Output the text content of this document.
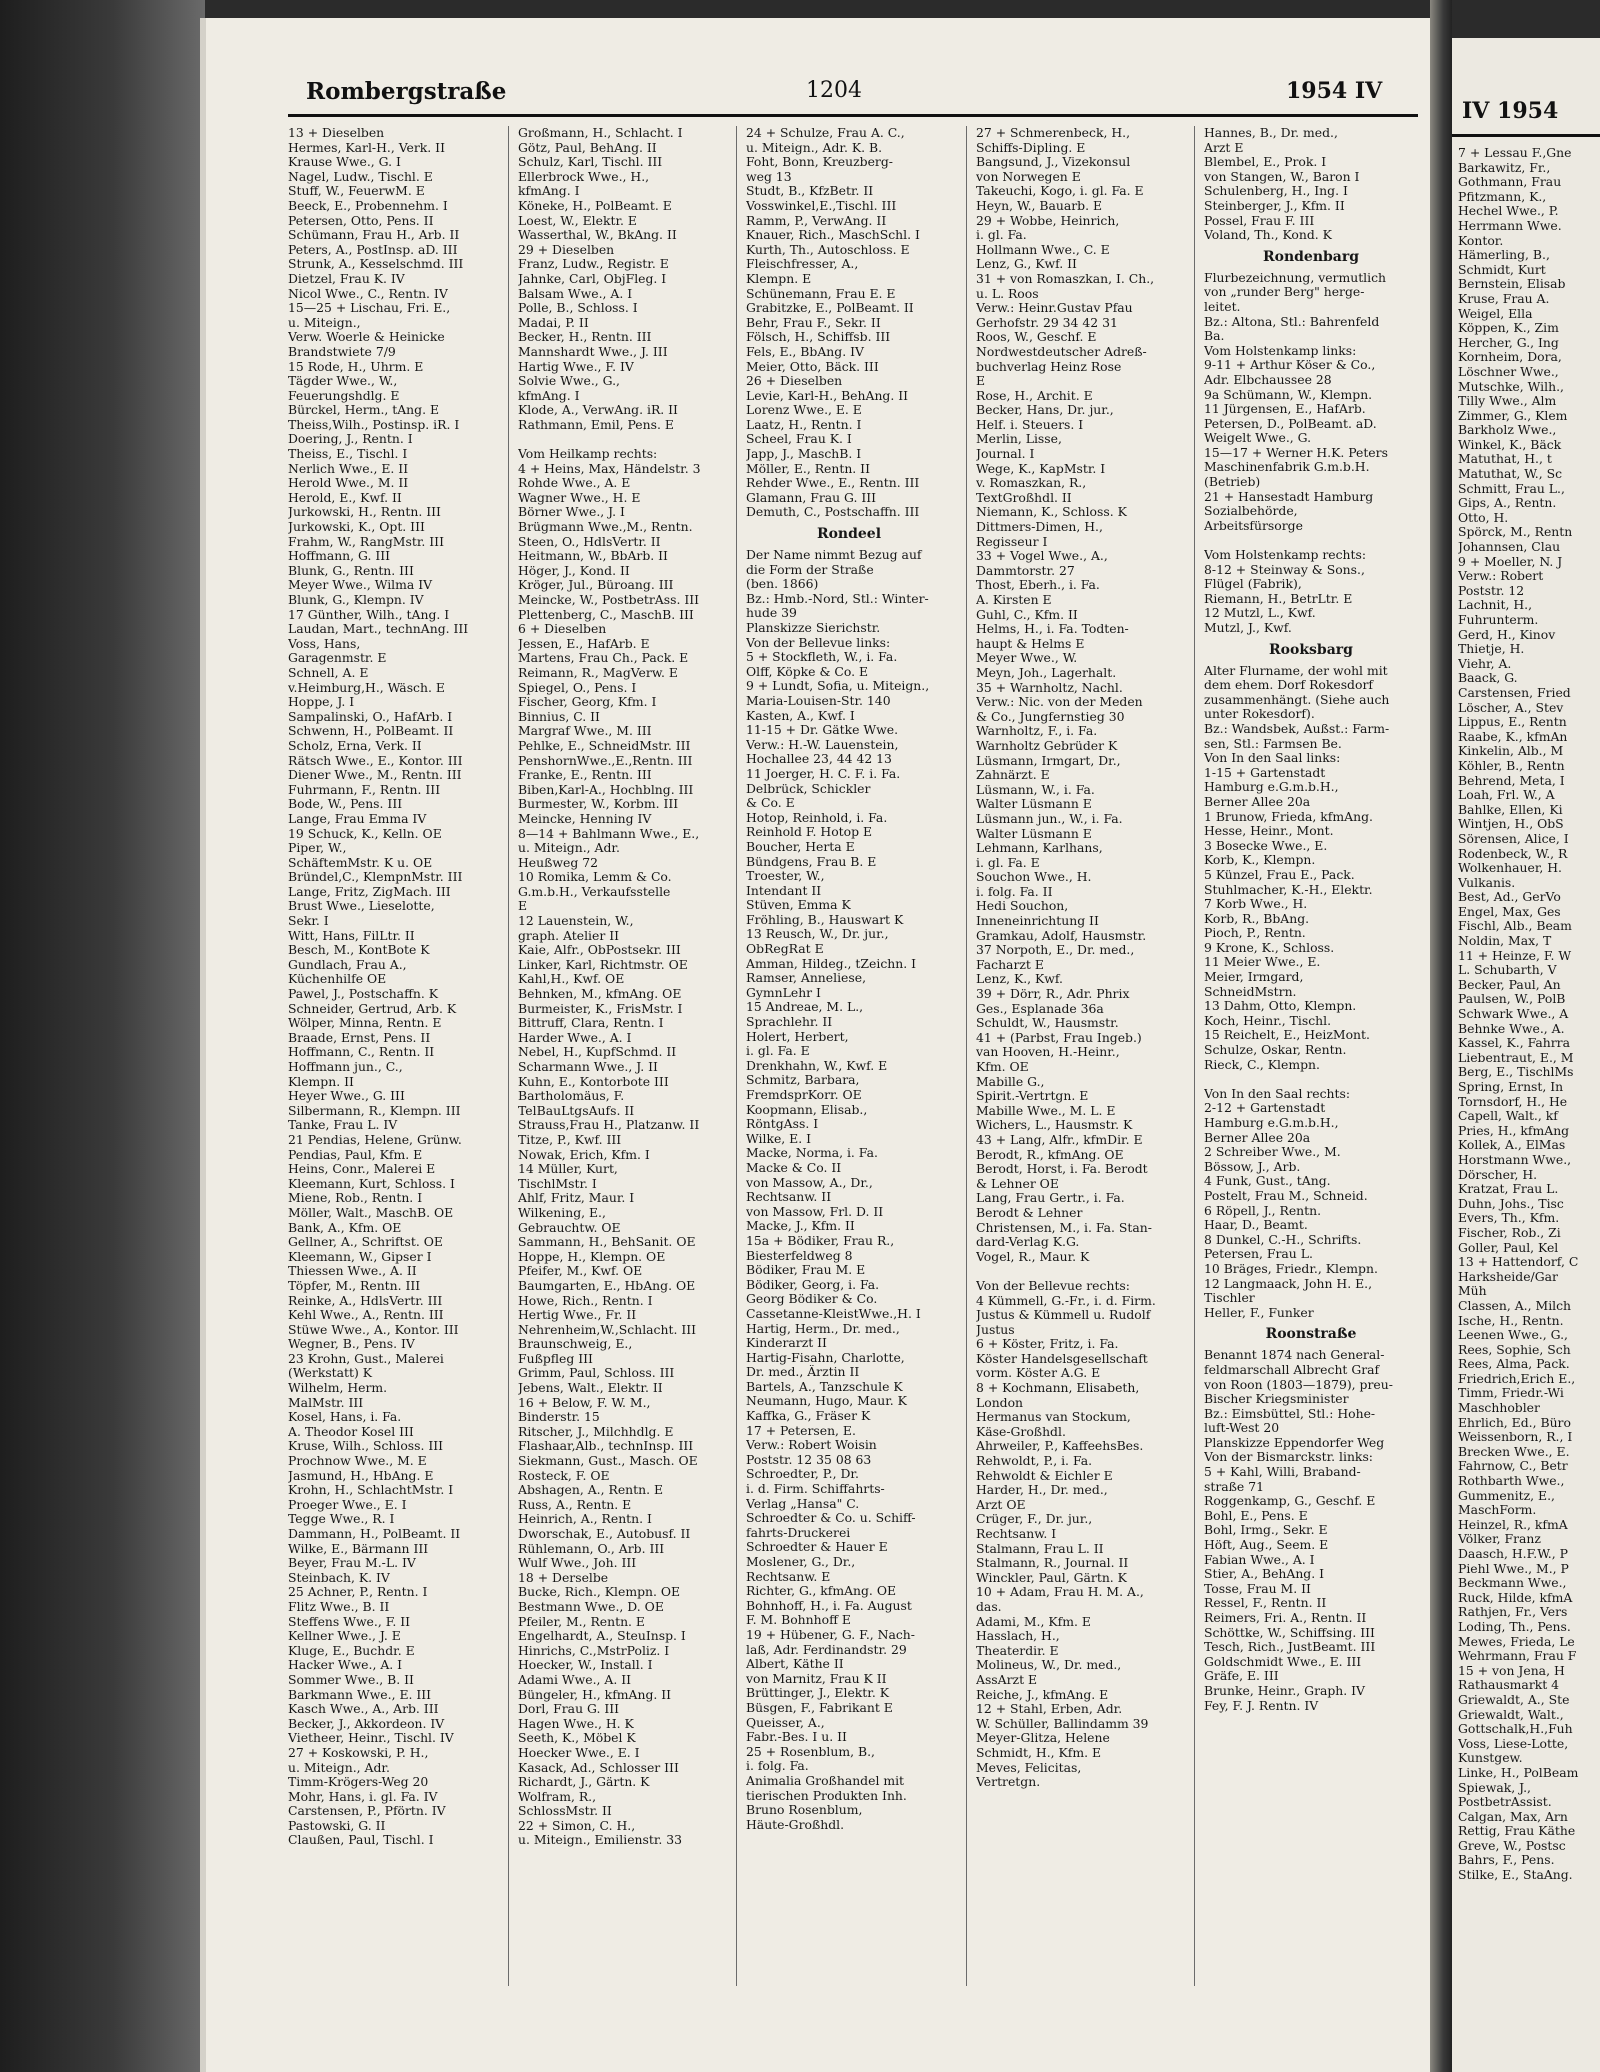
Rombergstraße	1204	1954 IV
13 + Dieselben
Hermes, Karl-H., Verk. II
Krause Wwe., G. I
Nagel, Ludw., Tischl. E
Stuff, W., FeuerwM. E
Beeck, E., Probennehm. I
Petersen, Otto, Pens. II
Schümann, Frau H., Arb. II
Peters, A., PostInsp. aD. III
Strunk, A., Kesselschmd. III
Dietzel, Frau K. IV
Nicol Wwe., C., Rentn. IV
15—25 + Lischau, Fri. E.,
u. Miteign.,
Verw. Woerle & Heinicke
Brandstwiete 7/9
15 Rode, H., Uhrm. E
Tägder Wwe., W.,
Feuerungshdlg. E
Bürckel, Herm., tAng. E
Theiss,Wilh., Postinsp. iR. I
Doering, J., Rentn. I
Theiss, E., Tischl. I
Nerlich Wwe., E. II
Herold Wwe., M. II
Herold, E., Kwf. II
Jurkowski, H., Rentn. III
Jurkowski, K., Opt. III
Frahm, W., RangMstr. III
Hoffmann, G. III
Blunk, G., Rentn. III
Meyer Wwe., Wilma IV
Blunk, G., Klempn. IV
17 Günther, Wilh., tAng. I
Laudan, Mart., technAng. III
Voss, Hans,
Garagenmstr. E
Schnell, A. E
v.Heimburg,H., Wäsch. E
Hoppe, J. I
Sampalinski, O., HafArb. I
Schwenn, H., PolBeamt. II
Scholz, Erna, Verk. II
Rätsch Wwe., E., Kontor. III
Diener Wwe., M., Rentn. III
Fuhrmann, F., Rentn. III
Bode, W., Pens. III
Lange, Frau Emma IV
19 Schuck, K., Kelln. OE
Piper, W.,
SchäftemMstr. K u. OE
Bründel,C., KlempnMstr. III
Lange, Fritz, ZigMach. III
Brust Wwe., Lieselotte,
Sekr. I
Witt, Hans, FilLtr. II
Besch, M., KontBote K
Gundlach, Frau A.,
Küchenhilfe OE
Pawel, J., Postschaffn. K
Schneider, Gertrud, Arb. K
Wölper, Minna, Rentn. E
Braade, Ernst, Pens. II
Hoffmann, C., Rentn. II
Hoffmann jun., C.,
Klempn. II
Heyer Wwe., G. III
Silbermann, R., Klempn. III
Tanke, Frau L. IV
21 Pendias, Helene, Grünw.
Pendias, Paul, Kfm. E
Heins, Conr., Malerei E
Kleemann, Kurt, Schloss. I
Miene, Rob., Rentn. I
Möller, Walt., MaschB. OE
Bank, A., Kfm. OE
Gellner, A., Schriftst. OE
Kleemann, W., Gipser I
Thiessen Wwe., A. II
Töpfer, M., Rentn. III
Reinke, A., HdlsVertr. III
Kehl Wwe., A., Rentn. III
Stüwe Wwe., A., Kontor. III
Wegner, B., Pens. IV
23 Krohn, Gust., Malerei
(Werkstatt) K
Wilhelm, Herm.
MalMstr. III
Kosel, Hans, i. Fa.
A. Theodor Kosel III
Kruse, Wilh., Schloss. III
Prochnow Wwe., M. E
Jasmund, H., HbAng. E
Krohn, H., SchlachtMstr. I
Proeger Wwe., E. I
Tegge Wwe., R. I
Dammann, H., PolBeamt. II
Wilke, E., Bärmann III
Beyer, Frau M.-L. IV
Steinbach, K. IV
25 Achner, P., Rentn. I
Flitz Wwe., B. II
Steffens Wwe., F. II
Kellner Wwe., J. E
Kluge, E., Buchdr. E
Hacker Wwe., A. I
Sommer Wwe., B. II
Barkmann Wwe., E. III
Kasch Wwe., A., Arb. III
Becker, J., Akkordeon. IV
Vietheer, Heinr., Tischl. IV
27 + Koskowski, P. H.,
u. Miteign., Adr.
Timm-Krögers-Weg 20
Mohr, Hans, i. gl. Fa. IV
Carstensen, P., Pförtn. IV
Pastowski, G. II
Claußen, Paul, Tischl. I
Großmann, H., Schlacht. I
Götz, Paul, BehAng. II
Schulz, Karl, Tischl. III
Ellerbrock Wwe., H.,
kfmAng. I
Köneke, H., PolBeamt. E
Loest, W., Elektr. E
Wasserthal, W., BkAng. II
29 + Dieselben
Franz, Ludw., Registr. E
Jahnke, Carl, ObjFleg. I
Balsam Wwe., A. I
Polle, B., Schloss. I
Madai, P. II
Becker, H., Rentn. III
Mannshardt Wwe., J. III
Hartig Wwe., F. IV
Solvie Wwe., G.,
kfmAng. I
Klode, A., VerwAng. iR. II
Rathmann, Emil, Pens. E
Vom Heilkamp rechts:
4 + Heins, Max, Händelstr. 3
Rohde Wwe., A. E
Wagner Wwe., H. E
Börner Wwe., J. I
Brügmann Wwe.,M., Rentn.
Steen, O., HdlsVertr. II
Heitmann, W., BbArb. II
Höger, J., Kond. II
Kröger, Jul., Büroang. III
Meincke, W., PostbetrAss. III
Plettenberg, C., MaschB. III
6 + Dieselben
Jessen, E., HafArb. E
Martens, Frau Ch., Pack. E
Reimann, R., MagVerw. E
Spiegel, O., Pens. I
Fischer, Georg, Kfm. I
Binnius, C. II
Margraf Wwe., M. III
Pehlke, E., SchneidMstr. III
PenshornWwe.,E.,Rentn. III
Franke, E., Rentn. III
Biben,Karl-A., Hochblng. III
Burmester, W., Korbm. III
Meincke, Henning IV
8—14 + Bahlmann Wwe., E.,
u. Miteign., Adr.
Heußweg 72
10 Romika, Lemm & Co.
G.m.b.H., Verkaufsstelle
E
12 Lauenstein, W.,
graph. Atelier II
Kaie, Alfr., ObPostsekr. III
Linker, Karl, Richtmstr. OE
Kahl,H., Kwf. OE
Behnken, M., kfmAng. OE
Burmeister, K., FrisMstr. I
Bittruff, Clara, Rentn. I
Harder Wwe., A. I
Nebel, H., KupfSchmd. II
Scharmann Wwe., J. II
Kuhn, E., Kontorbote III
Bartholomäus, F.
TelBauLtgsAufs. II
Strauss,Frau H., Platzanw. II
Titze, P., Kwf. III
Nowak, Erich, Kfm. I
14 Müller, Kurt,
TischlMstr. I
Ahlf, Fritz, Maur. I
Wilkening, E.,
Gebrauchtw. OE
Sammann, H., BehSanit. OE
Hoppe, H., Klempn. OE
Pfeifer, M., Kwf. OE
Baumgarten, E., HbAng. OE
Howe, Rich., Rentn. I
Hertig Wwe., Fr. II
Nehrenheim,W.,Schlacht. III
Braunschweig, E.,
Fußpfleg III
Grimm, Paul, Schloss. III
Jebens, Walt., Elektr. II
16 + Below, F. W. M.,
Binderstr. 15
Ritscher, J., Milchhdlg. E
Flashaar,Alb., technInsp. III
Siekmann, Gust., Masch. OE
Rosteck, F. OE
Abshagen, A., Rentn. E
Russ, A., Rentn. E
Heinrich, A., Rentn. I
Dworschak, E., Autobusf. II
Rühlemann, O., Arb. III
Wulf Wwe., Joh. III
18 + Derselbe
Bucke, Rich., Klempn. OE
Bestmann Wwe., D. OE
Pfeiler, M., Rentn. E
Engelhardt, A., SteuInsp. I
Hinrichs, C.,MstrPoliz. I
Hoecker, W., Install. I
Adami Wwe., A. II
Büngeler, H., kfmAng. II
Dorl, Frau G. III
Hagen Wwe., H. K
Seeth, K., Möbel K
Hoecker Wwe., E. I
Kasack, Ad., Schlosser III
Richardt, J., Gärtn. K
Wolfram, R.,
SchlossMstr. II
22 + Simon, C. H.,
u. Miteign., Emilienstr. 33
24 + Schulze, Frau A. C.,
u. Miteign., Adr. K. B.
Foht, Bonn, Kreuzberg-
weg 13
Studt, B., KfzBetr. II
Vosswinkel,E.,Tischl. III
Ramm, P., VerwAng. II
Knauer, Rich., MaschSchl. I
Kurth, Th., Autoschloss. E
Fleischfresser, A.,
Klempn. E
Schünemann, Frau E. E
Grabitzke, E., PolBeamt. II
Behr, Frau F., Sekr. II
Fölsch, H., Schiffsb. III
Fels, E., BbAng. IV
Meier, Otto, Bäck. III
26 + Dieselben
Levie, Karl-H., BehAng. II
Lorenz Wwe., E. E
Laatz, H., Rentn. I
Scheel, Frau K. I
Japp, J., MaschB. I
Möller, E., Rentn. II
Rehder Wwe., E., Rentn. III
Glamann, Frau G. III
Demuth, C., Postschaffn. III
Rondeel
Der Name nimmt Bezug auf
die Form der Straße
(ben. 1866)
Bz.: Hmb.-Nord, Stl.: Winter-
hude 39
Planskizze Sierichstr.
Von der Bellevue links:
5 + Stockfleth, W., i. Fa.
Olff, Köpke & Co. E
9 + Lundt, Sofia, u. Miteign.,
Maria-Louisen-Str. 140
Kasten, A., Kwf. I
11-15 + Dr. Gätke Wwe.
Verw.: H.-W. Lauenstein,
Hochallee 23, 44 42 13
11 Joerger, H. C. F. i. Fa.
Delbrück, Schickler
& Co. E
Hotop, Reinhold, i. Fa.
Reinhold F. Hotop E
Boucher, Herta E
Bündgens, Frau B. E
Troester, W.,
Intendant II
Stüven, Emma K
Fröhling, B., Hauswart K
13 Reusch, W., Dr. jur.,
ObRegRat E
Amman, Hildeg., tZeichn. I
Ramser, Anneliese,
GymnLehr I
15 Andreae, M. L.,
Sprachlehr. II
Holert, Herbert,
i. gl. Fa. E
Drenkhahn, W., Kwf. E
Schmitz, Barbara,
FremdsprKorr. OE
Koopmann, Elisab.,
RöntgAss. I
Wilke, E. I
Macke, Norma, i. Fa.
Macke & Co. II
von Massow, A., Dr.,
Rechtsanw. II
von Massow, Frl. D. II
Macke, J., Kfm. II
15a + Bödiker, Frau R.,
Biesterfeldweg 8
Bödiker, Frau M. E
Bödiker, Georg, i. Fa.
Georg Bödiker & Co.
Cassetanne-KleistWwe.,H. I
Hartig, Herm., Dr. med.,
Kinderarzt II
Hartig-Fisahn, Charlotte,
Dr. med., Ärztin II
Bartels, A., Tanzschule K
Neumann, Hugo, Maur. K
Kaffka, G., Fräser K
17 + Petersen, E.
Verw.: Robert Woisin
Poststr. 12 35 08 63
Schroedter, P., Dr.
i. d. Firm. Schiffahrts-
Verlag „Hansa" C.
Schroedter & Co. u. Schiff-
fahrts-Druckerei
Schroedter & Hauer E
Moslener, G., Dr.,
Rechtsanw. E
Richter, G., kfmAng. OE
Bohnhoff, H., i. Fa. August
F. M. Bohnhoff E
19 + Hübener, G. F., Nach-
laß, Adr. Ferdinandstr. 29
Albert, Käthe II
von Marnitz, Frau K II
Brüttinger, J., Elektr. K
Büsgen, F., Fabrikant E
Queisser, A.,
Fabr.-Bes. I u. II
25 + Rosenblum, B.,
i. folg. Fa.
Animalia Großhandel mit
tierischen Produkten Inh.
Bruno Rosenblum,
Häute-Großhdl.
27 + Schmerenbeck, H.,
Schiffs-Dipling. E
Bangsund, J., Vizekonsul
von Norwegen E
Takeuchi, Kogo, i. gl. Fa. E
Heyn, W., Bauarb. E
29 + Wobbe, Heinrich,
i. gl. Fa.
Hollmann Wwe., C. E
Lenz, G., Kwf. II
31 + von Romaszkan, I. Ch.,
u. L. Roos
Verw.: Heinr.Gustav Pfau
Gerhofstr. 29 34 42 31
Roos, W., Geschf. E
Nordwestdeutscher Adreß-
buchverlag Heinz Rose
E
Rose, H., Archit. E
Becker, Hans, Dr. jur.,
Helf. i. Steuers. I
Merlin, Lisse,
Journal. I
Wege, K., KapMstr. I
v. Romaszkan, R.,
TextGroßhdl. II
Niemann, K., Schloss. K
Dittmers-Dimen, H.,
Regisseur I
33 + Vogel Wwe., A.,
Dammtorstr. 27
Thost, Eberh., i. Fa.
A. Kirsten E
Guhl, C., Kfm. II
Helms, H., i. Fa. Todten-
haupt & Helms E
Meyer Wwe., W.
Meyn, Joh., Lagerhalt.
35 + Warnholtz, Nachl.
Verw.: Nic. von der Meden
& Co., Jungfernstieg 30
Warnholtz, F., i. Fa.
Warnholtz Gebrüder K
Lüsmann, Irmgart, Dr.,
Zahnärzt. E
Lüsmann, W., i. Fa.
Walter Lüsmann E
Lüsmann jun., W., i. Fa.
Walter Lüsmann E
Lehmann, Karlhans,
i. gl. Fa. E
Souchon Wwe., H.
i. folg. Fa. II
Hedi Souchon,
Inneneinrichtung II
Gramkau, Adolf, Hausmstr.
37 Norpoth, E., Dr. med.,
Facharzt E
Lenz, K., Kwf.
39 + Dörr, R., Adr. Phrix
Ges., Esplanade 36a
Schuldt, W., Hausmstr.
41 + (Parbst, Frau Ingeb.)
van Hooven, H.-Heinr.,
Kfm. OE
Mabille G.,
Spirit.-Vertrtgn. E
Mabille Wwe., M. L. E
Wichers, L., Hausmstr. K
43 + Lang, Alfr., kfmDir. E
Berodt, R., kfmAng. OE
Berodt, Horst, i. Fa. Berodt
& Lehner OE
Lang, Frau Gertr., i. Fa.
Berodt & Lehner
Christensen, M., i. Fa. Stan-
dard-Verlag K.G.
Vogel, R., Maur. K
Von der Bellevue rechts:
4 Kümmell, G.-Fr., i. d. Firm.
Justus & Kümmell u. Rudolf
Justus
6 + Köster, Fritz, i. Fa.
Köster Handelsgesellschaft
vorm. Köster A.G. E
8 + Kochmann, Elisabeth,
London
Hermanus van Stockum,
Käse-Großhdl.
Ahrweiler, P., KaffeehsBes.
Rehwoldt, P., i. Fa.
Rehwoldt & Eichler E
Harder, H., Dr. med.,
Arzt OE
Crüger, F., Dr. jur.,
Rechtsanw. I
Stalmann, Frau L. II
Stalmann, R., Journal. II
Winckler, Paul, Gärtn. K
10 + Adam, Frau H. M. A.,
das.
Adami, M., Kfm. E
Hasslach, H.,
Theaterdir. E
Molineus, W., Dr. med.,
AssArzt E
Reiche, J., kfmAng. E
12 + Stahl, Erben, Adr.
W. Schüller, Ballindamm 39
Meyer-Glitza, Helene
Schmidt, H., Kfm. E
Meves, Felicitas,
Vertretgn.
Hannes, B., Dr. med.,
Arzt E
Blembel, E., Prok. I
von Stangen, W., Baron I
Schulenberg, H., Ing. I
Steinberger, J., Kfm. II
Possel, Frau F. III
Voland, Th., Kond. K
Rondenbarg
Flurbezeichnung, vermutlich
von „runder Berg" herge-
leitet.
Bz.: Altona, Stl.: Bahrenfeld
Ba.
Vom Holstenkamp links:
9-11 + Arthur Köser & Co.,
Adr. Elbchaussee 28
9a Schümann, W., Klempn.
11 Jürgensen, E., HafArb.
Petersen, D., PolBeamt. aD.
Weigelt Wwe., G.
15—17 + Werner H.K. Peters
Maschinenfabrik G.m.b.H.
(Betrieb)
21 + Hansestadt Hamburg
Sozialbehörde,
Arbeitsfürsorge
Vom Holstenkamp rechts:
8-12 + Steinway & Sons.,
Flügel (Fabrik),
Riemann, H., BetrLtr. E
12 Mutzl, L., Kwf.
Mutzl, J., Kwf.
Rooksbarg
Alter Flurname, der wohl mit
dem ehem. Dorf Rokesdorf
zusammenhängt. (Siehe auch
unter Rokesdorf).
Bz.: Wandsbek, Außst.: Farm-
sen, Stl.: Farmsen Be.
Von In den Saal links:
1-15 + Gartenstadt
Hamburg e.G.m.b.H.,
Berner Allee 20a
1 Brunow, Frieda, kfmAng.
Hesse, Heinr., Mont.
3 Bosecke Wwe., E.
Korb, K., Klempn.
5 Künzel, Frau E., Pack.
Stuhlmacher, K.-H., Elektr.
7 Korb Wwe., H.
Korb, R., BbAng.
Pioch, P., Rentn.
9 Krone, K., Schloss.
11 Meier Wwe., E.
Meier, Irmgard,
SchneidMstrn.
13 Dahm, Otto, Klempn.
Koch, Heinr., Tischl.
15 Reichelt, E., HeizMont.
Schulze, Oskar, Rentn.
Rieck, C., Klempn.
Von In den Saal rechts:
2-12 + Gartenstadt
Hamburg e.G.m.b.H.,
Berner Allee 20a
2 Schreiber Wwe., M.
Bössow, J., Arb.
4 Funk, Gust., tAng.
Postelt, Frau M., Schneid.
6 Röpell, J., Rentn.
Haar, D., Beamt.
8 Dunkel, C.-H., Schrifts.
Petersen, Frau L.
10 Bräges, Friedr., Klempn.
12 Langmaack, John H. E.,
Tischler
Heller, F., Funker
Roonstraße
Benannt 1874 nach General-
feldmarschall Albrecht Graf
von Roon (1803—1879), preu-
Bischer Kriegsminister
Bz.: Eimsbüttel, Stl.: Hohe-
luft-West 20
Planskizze Eppendorfer Weg
Von der Bismarckstr. links:
5 + Kahl, Willi, Braband-
straße 71
Roggenkamp, G., Geschf. E
Bohl, E., Pens. E
Bohl, Irmg., Sekr. E
Höft, Aug., Seem. E
Fabian Wwe., A. I
Stier, A., BehAng. I
Tosse, Frau M. II
Ressel, F., Rentn. II
Reimers, Fri. A., Rentn. II
Schöttke, W., Schiffsing. III
Tesch, Rich., JustBeamt. III
Goldschmidt Wwe., E. III
Gräfe, E. III
Brunke, Heinr., Graph. IV
Fey, F. J. Rentn. IV
IV 1954
7 + Lessau F.,Gne
Barkawitz, Fr.,
Gothmann, Frau
Pfitzmann, K.,
Hechel Wwe., P.
Herrmann Wwe.
Kontor.
Hämerling, B.,
Schmidt, Kurt
Bernstein, Elisab
Kruse, Frau A.
Weigel, Ella
Köppen, K., Zim
Hercher, G., Ing
Kornheim, Dora,
Löschner Wwe.,
Mutschke, Wilh.,
Tilly Wwe., Alm
Zimmer, G., Klem
Barkholz Wwe.,
Winkel, K., Bäck
Matuthat, H., t
Matuthat, W., Sc
Schmitt, Frau L.,
Gips, A., Rentn.
Otto, H.
Spörck, M., Rentn
Johannsen, Clau
9 + Moeller, N. J
Verw.: Robert
Poststr. 12
Lachnit, H.,
Fuhrunterm.
Gerd, H., Kinov
Thietje, H.
Viehr, A.
Baack, G.
Carstensen, Fried
Löscher, A., Stev
Lippus, E., Rentn
Raabe, K., kfmAn
Kinkelin, Alb., M
Köhler, B., Rentn
Behrend, Meta, I
Loah, Frl. W., A
Bahlke, Ellen, Ki
Wintjen, H., ObS
Sörensen, Alice, I
Rodenbeck, W., R
Wolkenhauer, H.
Vulkanis.
Best, Ad., GerVo
Engel, Max, Ges
Fischl, Alb., Beam
Noldin, Max, T
11 + Heinze, F. W
L. Schubarth, V
Becker, Paul, An
Paulsen, W., PolB
Schwark Wwe., A
Behnke Wwe., A.
Kassel, K., Fahrra
Liebentraut, E., M
Berg, E., TischlMs
Spring, Ernst, In
Tornsdorf, H., He
Capell, Walt., kf
Pries, H., kfmAng
Kollek, A., ElMas
Horstmann Wwe.,
Dörscher, H.
Kratzat, Frau L.
Duhn, Johs., Tisc
Evers, Th., Kfm.
Fischer, Rob., Zi
Goller, Paul, Kel
13 + Hattendorf, C
Harksheide/Gar
Müh
Classen, A., Milch
Ische, H., Rentn.
Leenen Wwe., G.,
Rees, Sophie, Sch
Rees, Alma, Pack.
Friedrich,Erich E.,
Timm, Friedr.-Wi
Maschhobler
Ehrlich, Ed., Büro
Weissenborn, R., I
Brecken Wwe., E.
Fahrnow, C., Betr
Rothbarth Wwe.,
Gummenitz, E.,
MaschForm.
Heinzel, R., kfmA
Völker, Franz
Daasch, H.F.W., P
Piehl Wwe., M., P
Beckmann Wwe.,
Ruck, Hilde, kfmA
Rathjen, Fr., Vers
Loding, Th., Pens.
Mewes, Frieda, Le
Wehrmann, Frau F
15 + von Jena, H
Rathausmarkt 4
Griewaldt, A., Ste
Griewaldt, Walt.,
Gottschalk,H.,Fuh
Voss, Liese-Lotte,
Kunstgew.
Linke, H., PolBeam
Spiewak, J.,
PostbetrAssist.
Calgan, Max, Arn
Rettig, Frau Käthe
Greve, W., Postsc
Bahrs, F., Pens.
Stilke, E., StaAng.
